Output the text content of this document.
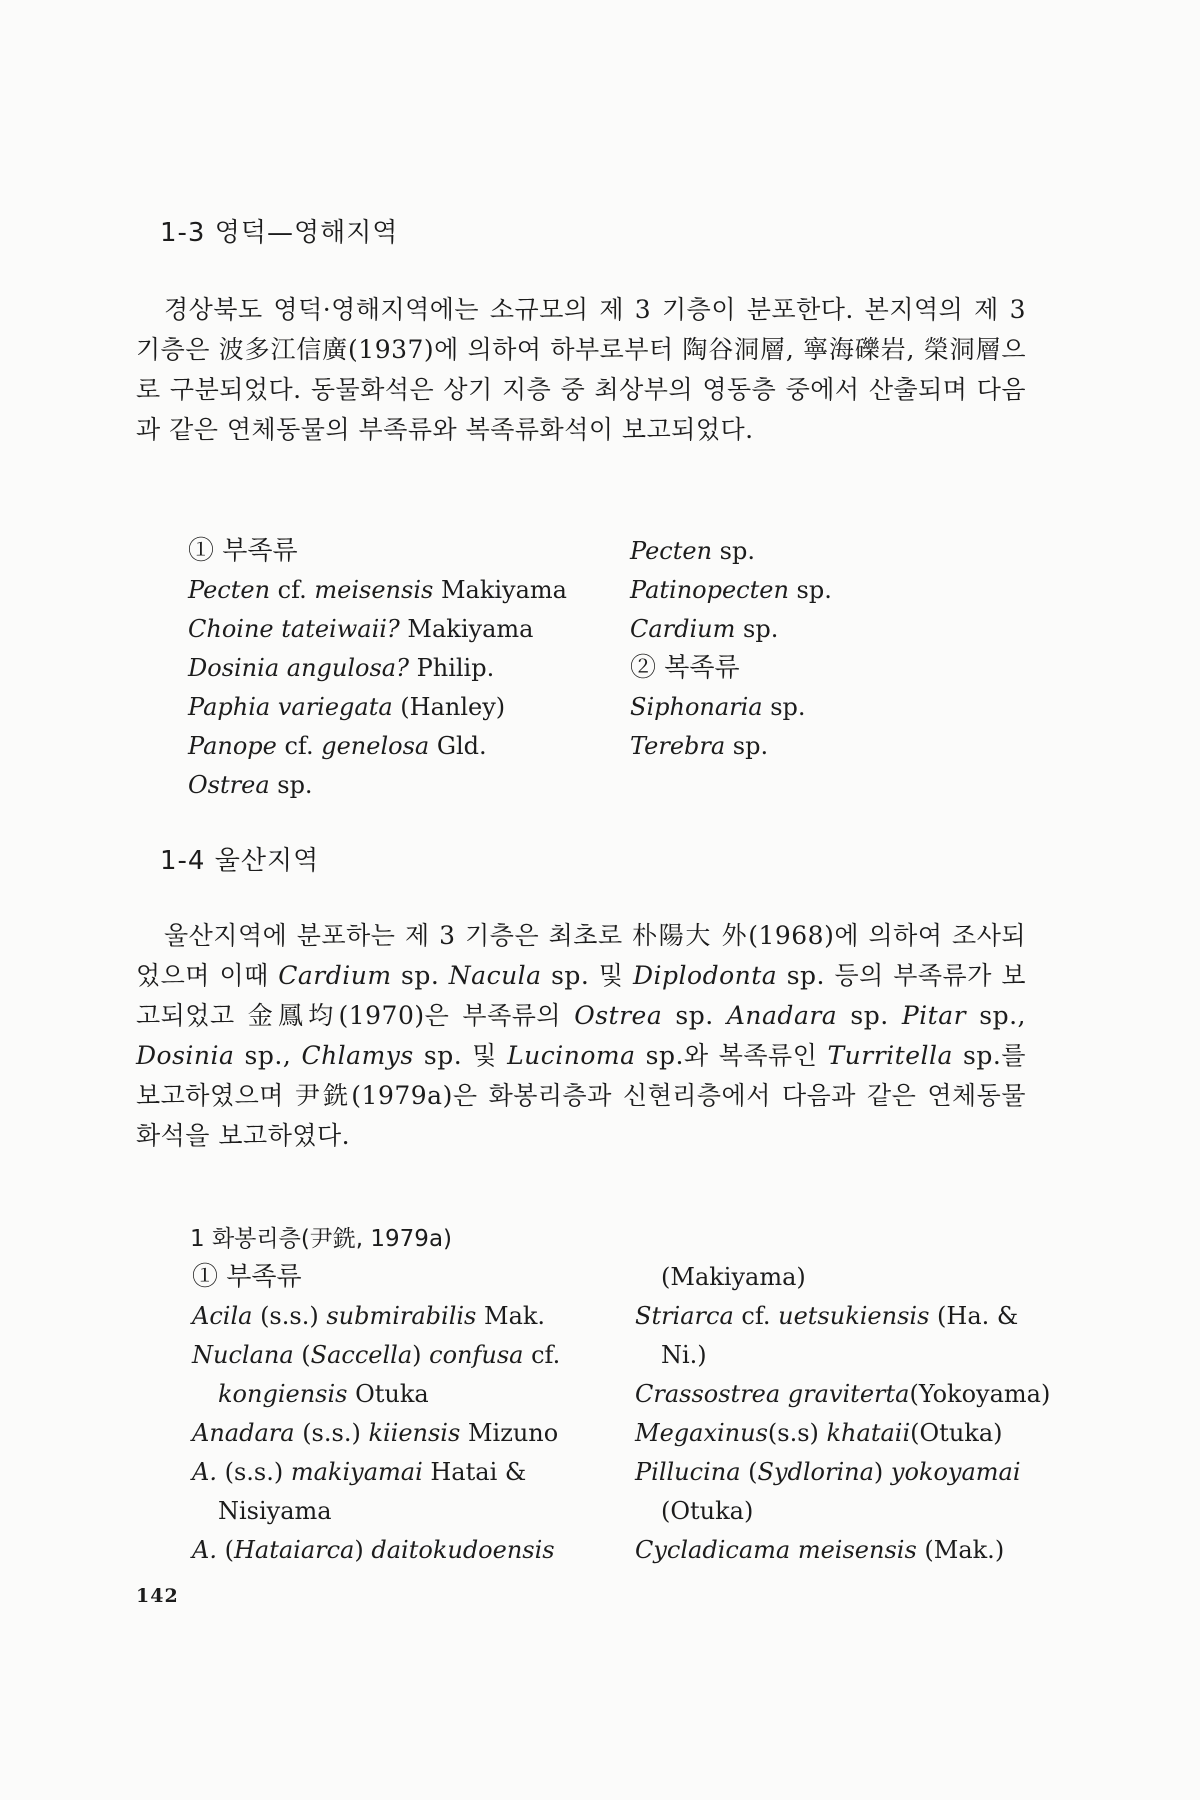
1-3 영덕—영해지역
경상북도 영덕·영해지역에는 소규모의 제 3 기층이 분포한다. 본지역의 제 3 기층은 波多江信廣(1937)에 의하여 하부로부터 陶谷洞層, 寧海礫岩, 榮洞層으로 구분되었다. 동물화석은 상기 지층 중 최상부의 영동층 중에서 산출되며 다음과 같은 연체동물의 부족류와 복족류화석이 보고되었다.
① 부족류
Pecten cf. meisensis Makiyama
Choine tateiwaii? Makiyama
Dosinia angulosa? Philip.
Paphia variegata (Hanley)
Panope cf. genelosa Gld.
Ostrea sp.
Pecten sp.
Patinopecten sp.
Cardium sp.
② 복족류
Siphonaria sp.
Terebra sp.
1-4 울산지역
울산지역에 분포하는 제 3 기층은 최초로 朴陽大 外(1968)에 의하여 조사되었으며 이때 Cardium sp. Nacula sp. 및 Diplodonta sp. 등의 부족류가 보고되었고 金鳳均(1970)은 부족류의 Ostrea sp. Anadara sp. Pitar sp., Dosinia sp., Chlamys sp. 및 Lucinoma sp.와 복족류인 Turritella sp.를 보고하였으며 尹銑(1979a)은 화봉리층과 신현리층에서 다음과 같은 연체동물화석을 보고하였다.
1 화봉리층(尹銑, 1979a)
① 부족류
Acila (s.s.) submirabilis Mak.
Nuclana (Saccella) confusa cf.
kongiensis Otuka
Anadara (s.s.) kiiensis Mizuno
A. (s.s.) makiyamai Hatai &
Nisiyama
A. (Hataiarca) daitokudoensis
(Makiyama)
Striarca cf. uetsukiensis (Ha. &
Ni.)
Crassostrea graviterta(Yokoyama)
Megaxinus(s.s) khataii(Otuka)
Pillucina (Sydlorina) yokoyamai
(Otuka)
Cycladicama meisensis (Mak.)
142
